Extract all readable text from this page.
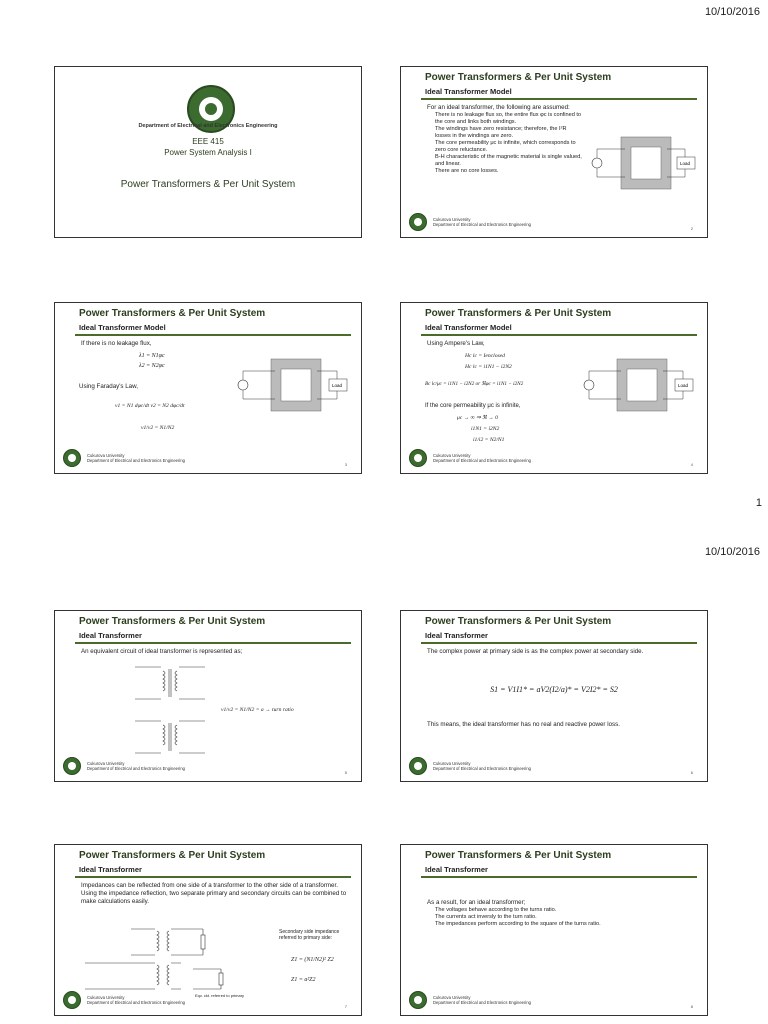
10/10/2016
Department of Electrical and Electronics Engineering
EEE 415
Power System Analysis I
Power Transformers & Per Unit System
Power Transformers & Per Unit System
Ideal Transformer Model
For an ideal transformer, the following are assumed:
There is no leakage flux so, the entire flux φc is confined to the core and links both windings.
The windings have zero resistance; therefore, the I²R losses in the windings are zero.
The core permeability μc is infinite, which corresponds to zero core reluctance.
B-H characteristic of the magnetic material is single valued, and linear.
There are no core losses.
Load
Cukurova University
Department of Electrical and Electronics Engineering
2
Power Transformers & Per Unit System
Ideal Transformer Model
If there is no leakage flux,
λ1 = N1φc
λ2 = N2φc
Using Faraday's Law,
v1 = N1 dφc/dt v2 = N2 dφc/dt
v1/v2 = N1/N2
Load
Cukurova University
Department of Electrical and Electronics Engineering
3
Power Transformers & Per Unit System
Ideal Transformer Model
Using Ampere's Law,
Hc lc = Ienclosed
Hc lc = i1N1 − i2N2
Bc lc/μc = i1N1 − i2N2 or ℜφc = i1N1 − i2N2
If the core permeability μc is infinite,
μc → ∞ ⇒ ℜ → 0
i1N1 = i2N2
i1/i2 = N2/N1
Load
Cukurova University
Department of Electrical and Electronics Engineering
4
1
10/10/2016
Power Transformers & Per Unit System
Ideal Transformer
An equivalent circuit of ideal transformer is represented as;
v1/v2 = N1/N2 = a → turn ratio
Cukurova University
Department of Electrical and Electronics Engineering
5
Power Transformers & Per Unit System
Ideal Transformer
The complex power at primary side is as the complex power at secondary side.
S1 = V1I1* = aV2(I2/a)* = V2I2* = S2
This means, the ideal transformer has no real and reactive power loss.
Cukurova University
Department of Electrical and Electronics Engineering
6
Power Transformers & Per Unit System
Ideal Transformer
Impedances can be reflected from one side of a transformer to the other side of a transformer.
Using the impedance reflection, two separate primary and secondary circuits can be combined to make calculations easily.
Secondary side impedance referred to primary side:
Z1 = (N1/N2)² Z2
Z1 = a²Z2
Eqv. ckt. referred to primary
Cukurova University
Department of Electrical and Electronics Engineering
7
Power Transformers & Per Unit System
Ideal Transformer
As a result, for an ideal transformer;
The voltages behave according to the turns ratio.
The currents act inversly to the turn ratio.
The impedances perform according to the square of the turns ratio.
Cukurova University
Department of Electrical and Electronics Engineering
8
